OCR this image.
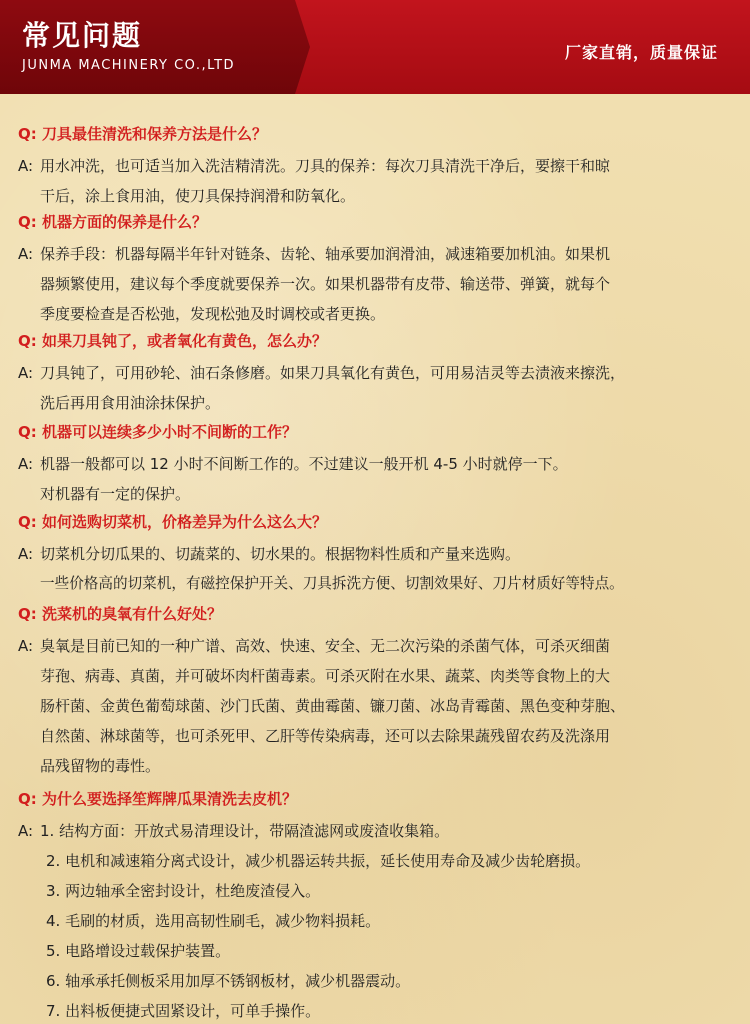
常见问题
JUNMA MACHINERY CO.,LTD
厂家直销，质量保证
Q: 刀具最佳清洗和保养方法是什么？
A: 用水冲洗，也可适当加入洗洁精清洗。刀具的保养：每次刀具清洗干净后，要擦干和晾
干后，涂上食用油，使刀具保持润滑和防氧化。
Q: 机器方面的保养是什么？
A: 保养手段：机器每隔半年针对链条、齿轮、轴承要加润滑油，减速箱要加机油。如果机
器频繁使用，建议每个季度就要保养一次。如果机器带有皮带、输送带、弹簧，就每个
季度要检查是否松弛，发现松弛及时调校或者更换。
Q: 如果刀具钝了，或者氧化有黄色，怎么办？
A: 刀具钝了，可用砂轮、油石条修磨。如果刀具氧化有黄色，可用易洁灵等去渍液来擦洗，
洗后再用食用油涂抹保护。
Q: 机器可以连续多少小时不间断的工作？
A: 机器一般都可以 12 小时不间断工作的。不过建议一般开机 4-5 小时就停一下。
对机器有一定的保护。
Q: 如何选购切菜机，价格差异为什么这么大？
A: 切菜机分切瓜果的、切蔬菜的、切水果的。根据物料性质和产量来选购。
一些价格高的切菜机，有磁控保护开关、刀具拆洗方便、切割效果好、刀片材质好等特点。
Q: 洗菜机的臭氧有什么好处？
A: 臭氧是目前已知的一种广谱、高效、快速、安全、无二次污染的杀菌气体，可杀灭细菌
芽孢、病毒、真菌，并可破坏肉杆菌毒素。可杀灭附在水果、蔬菜、肉类等食物上的大
肠杆菌、金黄色葡萄球菌、沙门氏菌、黄曲霉菌、镰刀菌、冰岛青霉菌、黑色变种芽胞、
自然菌、淋球菌等，也可杀死甲、乙肝等传染病毒，还可以去除果蔬残留农药及洗涤用
品残留物的毒性。
Q: 为什么要选择笙辉牌瓜果清洗去皮机？
A: 1. 结构方面：开放式易清理设计，带隔渣滤网或废渣收集箱。
2. 电机和减速箱分离式设计，减少机器运转共振，延长使用寿命及减少齿轮磨损。
3. 两边轴承全密封设计，杜绝废渣侵入。
4. 毛刷的材质，选用高韧性刷毛，减少物料损耗。
5. 电路增设过载保护装置。
6. 轴承承托侧板采用加厚不锈钢板材，减少机器震动。
7. 出料板便捷式固紧设计，可单手操作。
